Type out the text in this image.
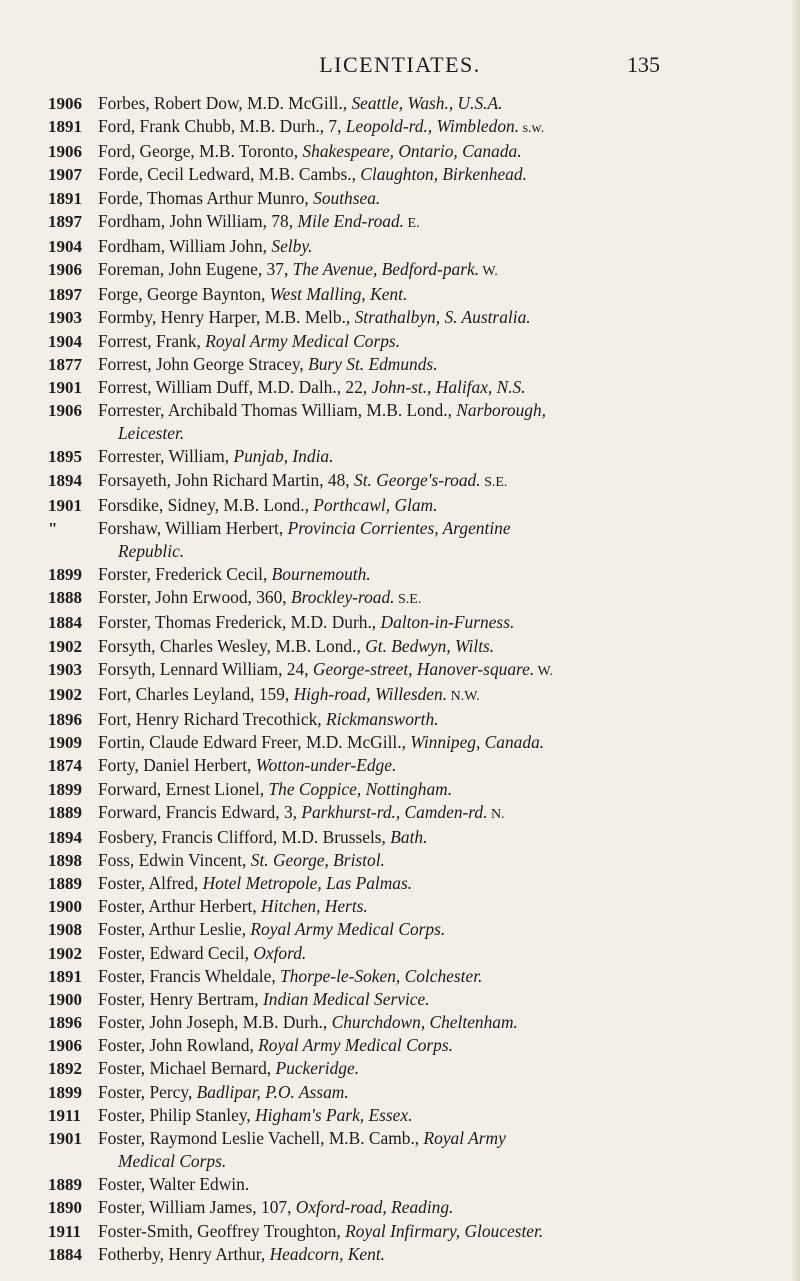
LICENTIATES.	135
1906 Forbes, Robert Dow, M.D. McGill., Seattle, Wash., U.S.A.
1891 Ford, Frank Chubb, M.B. Durh., 7, Leopold-rd., Wimbledon. s.w.
1906 Ford, George, M.B. Toronto, Shakespeare, Ontario, Canada.
1907 Forde, Cecil Ledward, M.B. Cambs., Claughton, Birkenhead.
1891 Forde, Thomas Arthur Munro, Southsea.
1897 Fordham, John William, 78, Mile End-road. E.
1904 Fordham, William John, Selby.
1906 Foreman, John Eugene, 37, The Avenue, Bedford-park. W.
1897 Forge, George Baynton, West Malling, Kent.
1903 Formby, Henry Harper, M.B. Melb., Strathalbyn, S. Australia.
1904 Forrest, Frank, Royal Army Medical Corps.
1877 Forrest, John George Stracey, Bury St. Edmunds.
1901 Forrest, William Duff, M.D. Dalh., 22, John-st., Halifax, N.S.
1906 Forrester, Archibald Thomas William, M.B. Lond., Narborough,
Leicester.
1895 Forrester, William, Punjab, India.
1894 Forsayeth, John Richard Martin, 48, St. George's-road. S.E.
1901 Forsdike, Sidney, M.B. Lond., Porthcawl, Glam.
"	Forshaw, William Herbert, Provincia Corrientes, Argentine
Republic.
1899 Forster, Frederick Cecil, Bournemouth.
1888 Forster, John Erwood, 360, Brockley-road. S.E.
1884 Forster, Thomas Frederick, M.D. Durh., Dalton-in-Furness.
1902 Forsyth, Charles Wesley, M.B. Lond., Gt. Bedwyn, Wilts.
1903 Forsyth, Lennard William, 24, George-street, Hanover-square. W.
1902 Fort, Charles Leyland, 159, High-road, Willesden. N.W.
1896 Fort, Henry Richard Trecothick, Rickmansworth.
1909 Fortin, Claude Edward Freer, M.D. McGill., Winnipeg, Canada.
1874 Forty, Daniel Herbert, Wotton-under-Edge.
1899 Forward, Ernest Lionel, The Coppice, Nottingham.
1889 Forward, Francis Edward, 3, Parkhurst-rd., Camden-rd. N.
1894 Fosbery, Francis Clifford, M.D. Brussels, Bath.
1898 Foss, Edwin Vincent, St. George, Bristol.
1889 Foster, Alfred, Hotel Metropole, Las Palmas.
1900 Foster, Arthur Herbert, Hitchen, Herts.
1908 Foster, Arthur Leslie, Royal Army Medical Corps.
1902 Foster, Edward Cecil, Oxford.
1891 Foster, Francis Wheldale, Thorpe-le-Soken, Colchester.
1900 Foster, Henry Bertram, Indian Medical Service.
1896 Foster, John Joseph, M.B. Durh., Churchdown, Cheltenham.
1906 Foster, John Rowland, Royal Army Medical Corps.
1892 Foster, Michael Bernard, Puckeridge.
1899 Foster, Percy, Badlipar, P.O. Assam.
1911 Foster, Philip Stanley, Higham's Park, Essex.
1901 Foster, Raymond Leslie Vachell, M.B. Camb., Royal Army
Medical Corps.
1889 Foster, Walter Edwin.
1890 Foster, William James, 107, Oxford-road, Reading.
1911 Foster-Smith, Geoffrey Troughton, Royal Infirmary, Gloucester.
1884 Fotherby, Henry Arthur, Headcorn, Kent.
